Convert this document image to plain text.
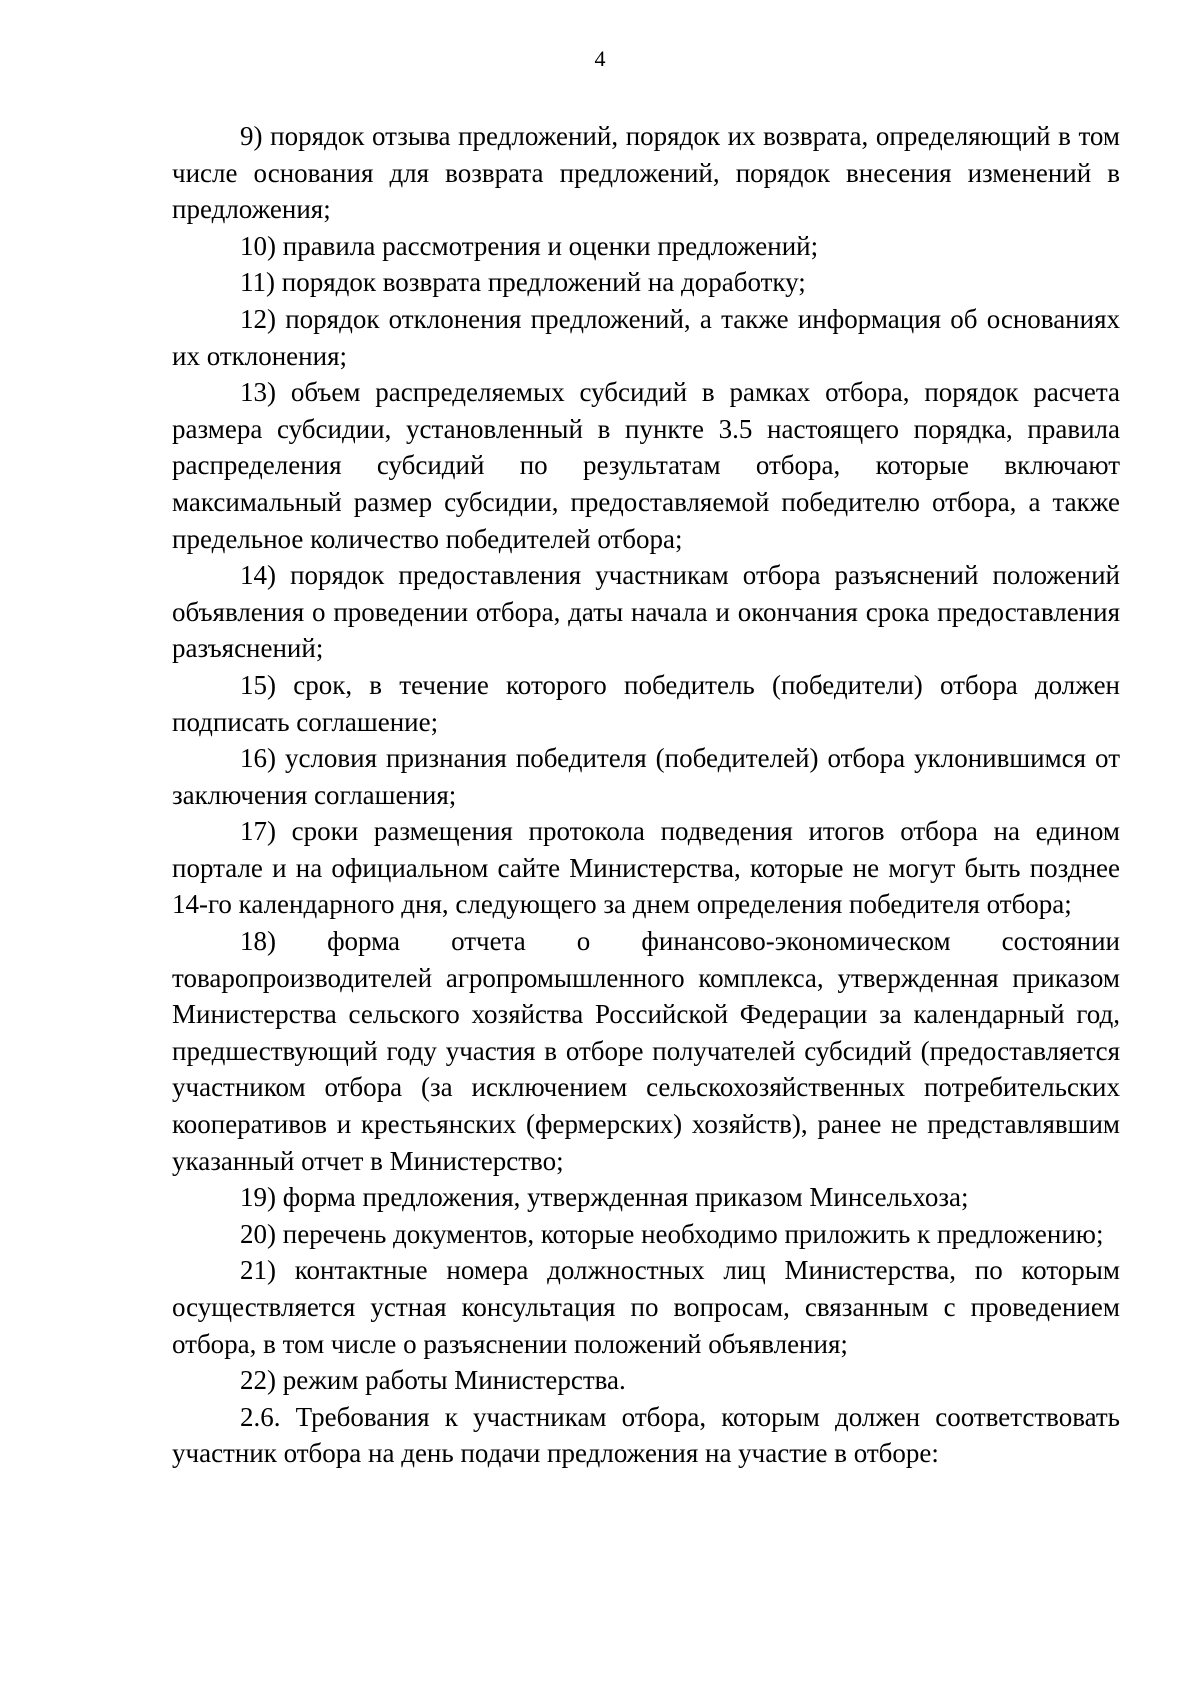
4

9) порядок отзыва предложений, порядок их возврата, определяющий в том числе основания для возврата предложений, порядок внесения изменений в предложения;

10) правила рассмотрения и оценки предложений;

11) порядок возврата предложений на доработку;

12) порядок отклонения предложений, а также информация об основаниях их отклонения;

13) объем распределяемых субсидий в рамках отбора, порядок расчета размера субсидии, установленный в пункте 3.5 настоящего порядка, правила распределения субсидий по результатам отбора, которые включают максимальный размер субсидии, предоставляемой победителю отбора, а также предельное количество победителей отбора;

14) порядок предоставления участникам отбора разъяснений положений объявления о проведении отбора, даты начала и окончания срока предоставления разъяснений;

15) срок, в течение которого победитель (победители) отбора должен подписать соглашение;

16) условия признания победителя (победителей) отбора уклонившимся от заключения соглашения;

17) сроки размещения протокола подведения итогов отбора на едином портале и на официальном сайте Министерства, которые не могут быть позднее 14-го календарного дня, следующего за днем определения победителя отбора;

18) форма отчета о финансово-экономическом состоянии товаропроизводителей агропромышленного комплекса, утвержденная приказом Министерства сельского хозяйства Российской Федерации за календарный год, предшествующий году участия в отборе получателей субсидий (предоставляется участником отбора (за исключением сельскохозяйственных потребительских кооперативов и крестьянских (фермерских) хозяйств), ранее не представлявшим указанный отчет в Министерство;

19) форма предложения, утвержденная приказом Минсельхоза;

20) перечень документов, которые необходимо приложить к предложению;

21) контактные номера должностных лиц Министерства, по которым осуществляется устная консультация по вопросам, связанным с проведением отбора, в том числе о разъяснении положений объявления;

22) режим работы Министерства.

2.6. Требования к участникам отбора, которым должен соответствовать участник отбора на день подачи предложения на участие в отборе:
